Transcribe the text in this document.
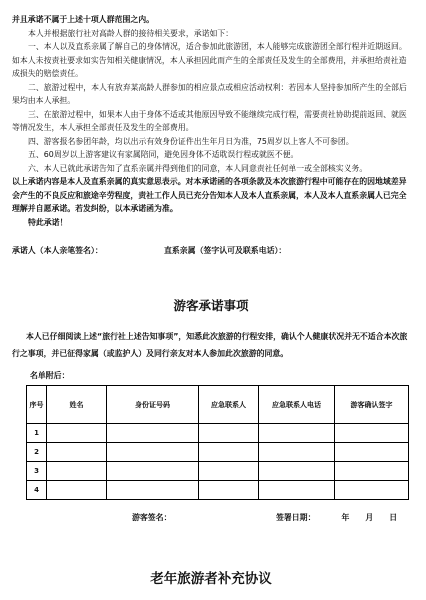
并且承诺不属于上述十项人群范围之内。

本人并根据旅行社对高龄人群的接待相关要求，承诺如下：

一、本人以及直系亲属了解自己的身体情况，适合参加此旅游团，本人能够完成旅游团全部行程并近期返回。如本人未按责社要求如实告知相关健康情况，本人承担因此而产生的全部责任及发生的全部费用，并承担给责社造成损失的赔偿责任。

二、旅游过程中，本人有放弃某高龄人群参加的相应景点或相应活动权利：若因本人坚持参加所产生的全部后果均由本人承担。

三、在旅游过程中，如果本人由于身体不适或其他原因导致不能继续完成行程，需要责社协助提前返回、就医等情况发生，本人承担全部责任及发生的全部费用。

四、游客报名参团年龄，均以出示有效身份证件出生年月日为准，75周岁以上客人不可参团。

五、60周岁以上游客建议有家属陪同，避免因身体不适耽误行程或就医不便。

六、本人已就此承诺告知了直系亲属并得到他们的同意，本人同意责社任何单一或全部核实义务。

以上承诺内容是本人及直系亲属的真实意思表示。对本承诺函的各项条款及本次旅游行程中可能存在的因地域差异会产生的不良反应和旅途辛劳程度，责社工作人员已充分告知本人及本人直系亲属，本人及本人直系亲属人已完全理解并自愿承诺。若发纠纷，以本承诺函为准。

特此承诺！

承诺人（本人亲笔签名）：	直系亲属（签字认可及联系电话）：
游客承诺事项

本人已仔细阅读上述“旅行社上述告知事项”，知悉此次旅游的行程安排，确认个人健康状况并无不适合本次旅行之事项，并已征得家属（或监护人）及同行亲友对本人参加此次旅游的同意。

名单附后：
序号	姓名	身份证号码	应急联系人	应急联系人电话	游客确认签字
1					
2					
3					
4					
游客签名：	签署日期：	年 月 日
老年旅游者补充协议
